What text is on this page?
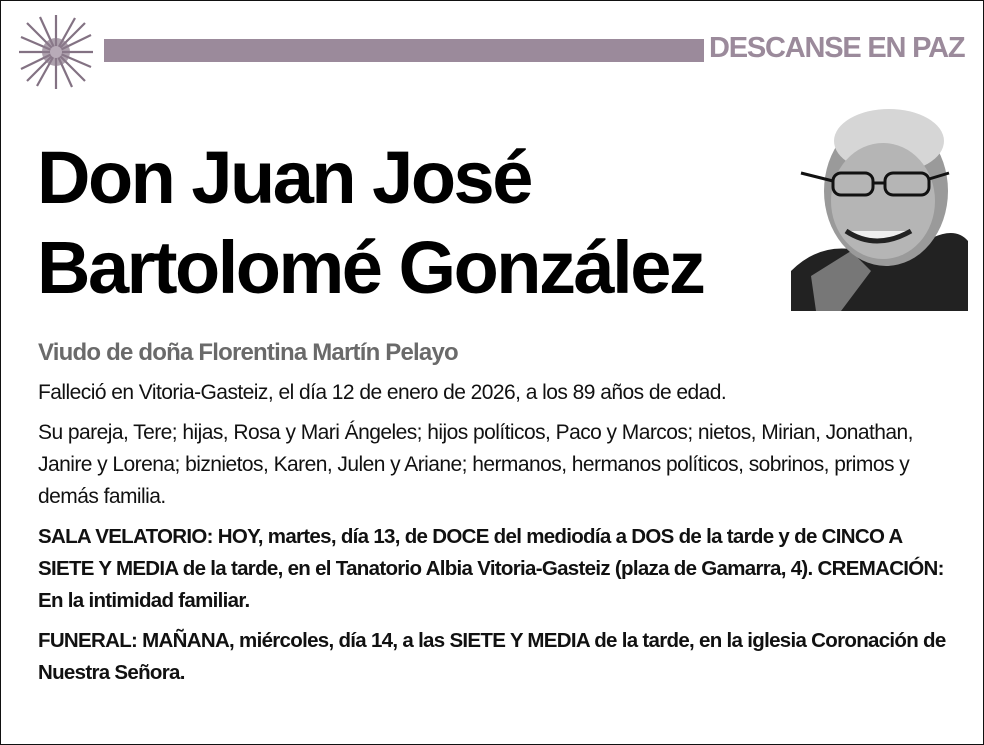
DESCANSE EN PAZ
Don Juan José
Bartolomé González
Viudo de doña Florentina Martín Pelayo

Falleció en Vitoria-Gasteiz, el día 12 de enero de 2026, a los 89 años de edad.

Su pareja, Tere; hijas, Rosa y Mari Ángeles; hijos políticos, Paco y Marcos; nietos, Mirian, Jonathan, Janire y Lorena; biznietos, Karen, Julen y Ariane; hermanos, hermanos políticos, sobrinos, primos y demás familia.

SALA VELATORIO: HOY, martes, día 13, de DOCE del mediodía a DOS de la tarde y de CINCO A SIETE Y MEDIA de la tarde, en el Tanatorio Albia Vitoria-Gasteiz (plaza de Gamarra, 4). CREMACIÓN: En la intimidad familiar.

FUNERAL: MAÑANA, miércoles, día 14, a las SIETE Y MEDIA de la tarde, en la iglesia Coronación de Nuestra Señora.
